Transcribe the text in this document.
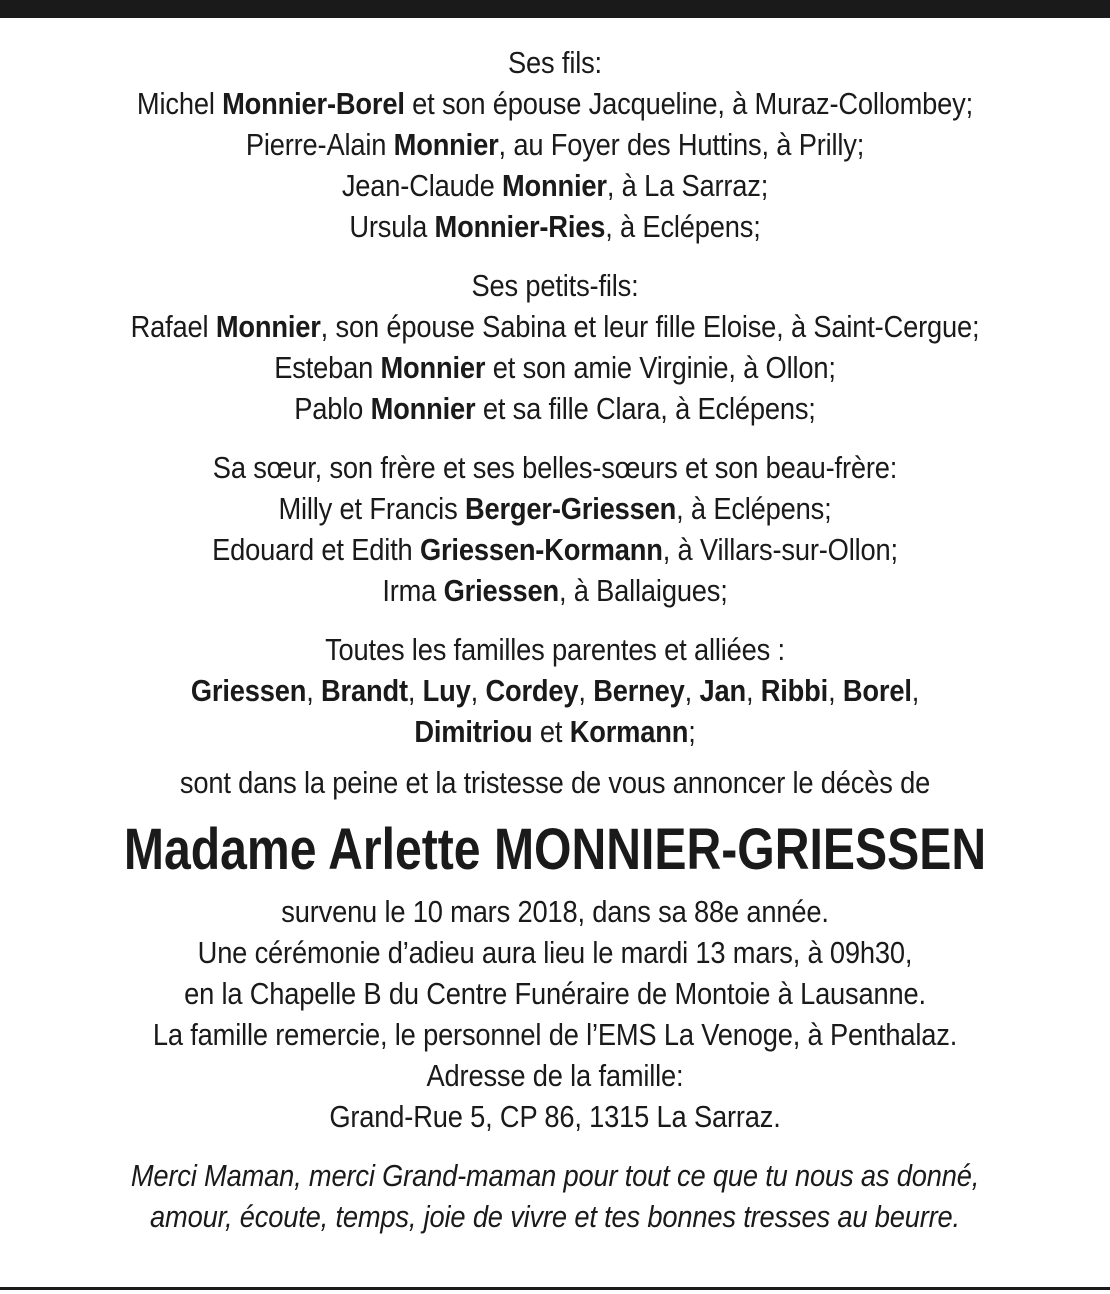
Ses fils:
Michel Monnier-Borel et son épouse Jacqueline, à Muraz-Collombey;
Pierre-Alain Monnier, au Foyer des Huttins, à Prilly;
Jean-Claude Monnier, à La Sarraz;
Ursula Monnier-Ries, à Eclépens;
Ses petits-fils:
Rafael Monnier, son épouse Sabina et leur fille Eloise, à Saint-Cergue;
Esteban Monnier et son amie Virginie, à Ollon;
Pablo Monnier et sa fille Clara, à Eclépens;
Sa sœur, son frère et ses belles-sœurs et son beau-frère:
Milly et Francis Berger-Griessen, à Eclépens;
Edouard et Edith Griessen-Kormann, à Villars-sur-Ollon;
Irma Griessen, à Ballaigues;
Toutes les familles parentes et alliées :
Griessen, Brandt, Luy, Cordey, Berney, Jan, Ribbi, Borel,
Dimitriou et Kormann;
sont dans la peine et la tristesse de vous annoncer le décès de
Madame Arlette MONNIER-GRIESSEN
survenu le 10 mars 2018, dans sa 88e année.
Une cérémonie d’adieu aura lieu le mardi 13 mars, à 09h30,
en la Chapelle B du Centre Funéraire de Montoie à Lausanne.
La famille remercie, le personnel de l’EMS La Venoge, à Penthalaz.
Adresse de la famille:
Grand-Rue 5, CP 86, 1315 La Sarraz.
Merci Maman, merci Grand-maman pour tout ce que tu nous as donné,
amour, écoute, temps, joie de vivre et tes bonnes tresses au beurre.
